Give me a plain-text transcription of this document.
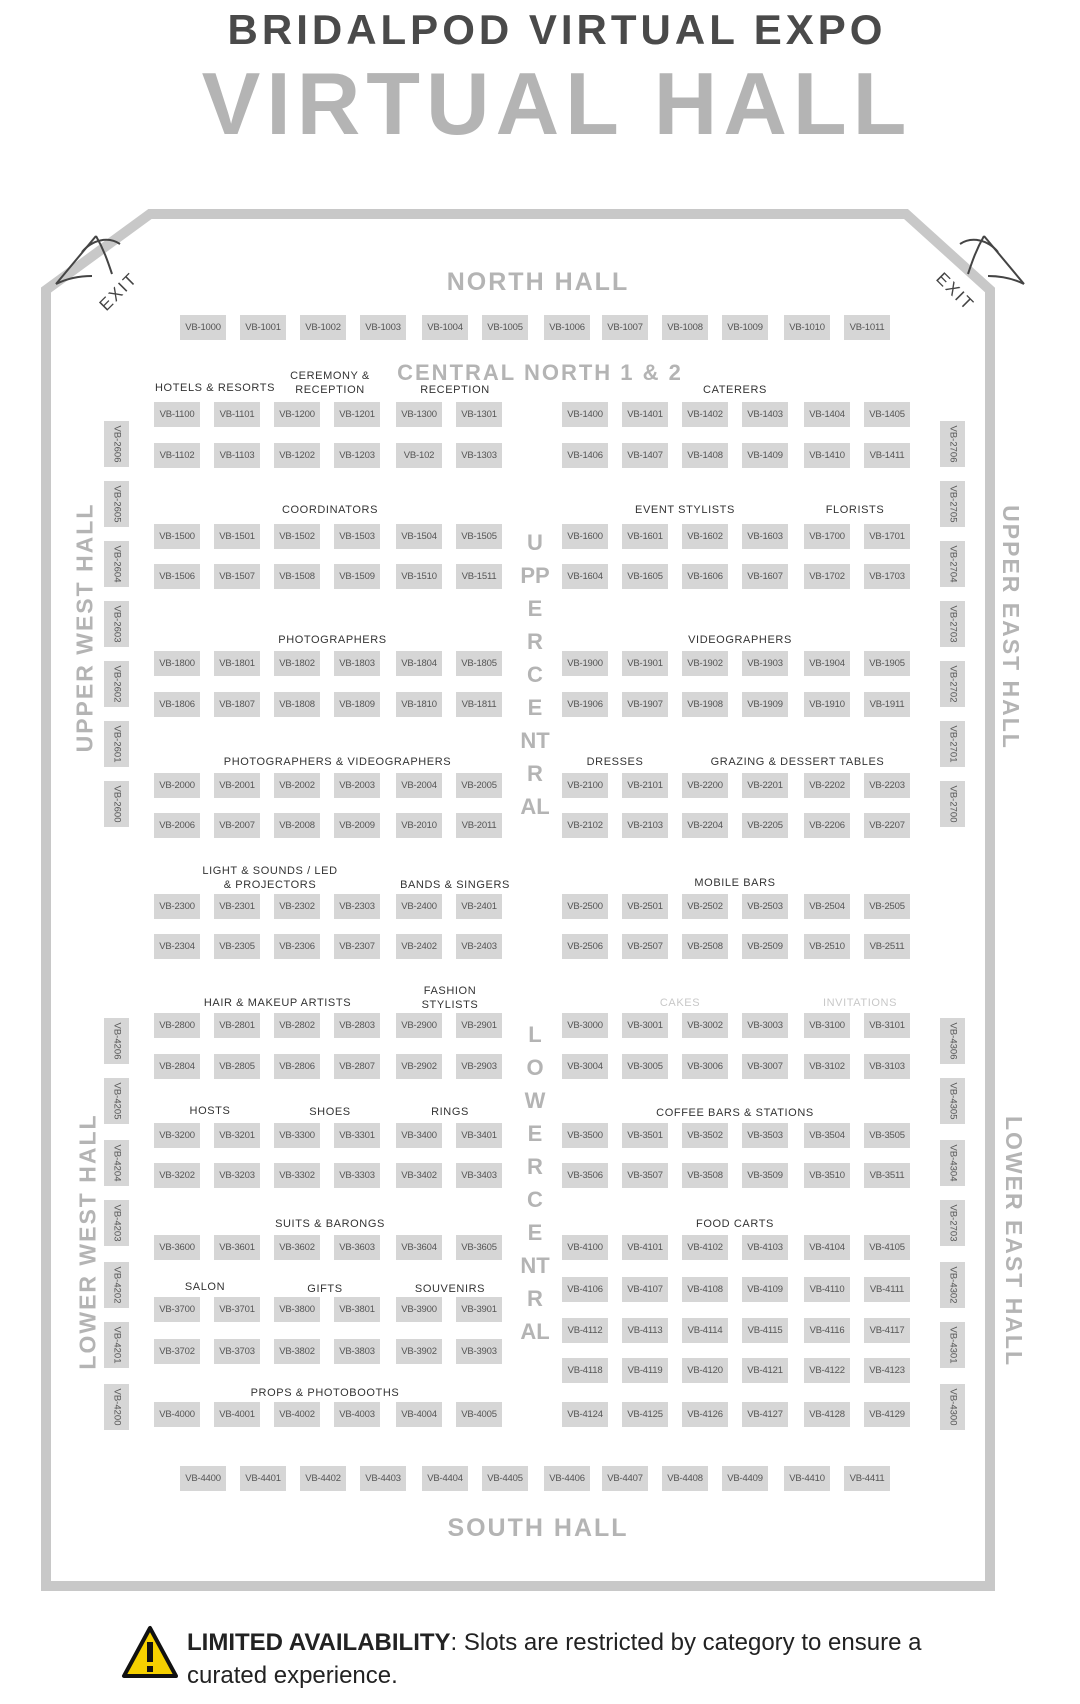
BRIDALPOD VIRTUAL EXPO
VIRTUAL HALL
EXIT	EXIT
NORTH HALL
SOUTH HALL
CENTRAL NORTH 1 & 2
UPPERCENTRAL
LOWERCENTRAL
UPPER WEST HALL
LOWER WEST HALL
UPPER EAST HALL
LOWER EAST HALL
HOTELS & RESORTS
CEREMONY &
RECEPTION	RECEPTION	CATERERS
COORDINATORS	EVENT STYLISTS	FLORISTS
PHOTOGRAPHERS	VIDEOGRAPHERS
PHOTOGRAPHERS & VIDEOGRAPHERS	DRESSES	GRAZING & DESSERT TABLES
LIGHT & SOUNDS / LED
& PROJECTORS	BANDS & SINGERS	MOBILE BARS
HAIR & MAKEUP ARTISTS
FASHION
STYLISTS	CAKES	INVITATIONS
HOSTS	SHOES	RINGS	COFFEE BARS & STATIONS
SUITS & BARONGS	FOOD CARTS
SALON	GIFTS	SOUVENIRS
PROPS & PHOTOBOOTHS
VB-1000	VB-1001	VB-1002	VB-1003	VB-1004	VB-1005	VB-1006	VB-1007	VB-1008	VB-1009	VB-1010	VB-1011
VB-1100	VB-1101	VB-1200	VB-1201	VB-1300	VB-1301	VB-1400	VB-1401	VB-1402	VB-1403	VB-1404	VB-1405
VB-1102	VB-1103	VB-1202	VB-1203	VB-102	VB-1303	VB-1406	VB-1407	VB-1408	VB-1409	VB-1410	VB-1411
VB-1500	VB-1501	VB-1502	VB-1503	VB-1504	VB-1505	VB-1600	VB-1601	VB-1602	VB-1603	VB-1700	VB-1701
VB-1506	VB-1507	VB-1508	VB-1509	VB-1510	VB-1511	VB-1604	VB-1605	VB-1606	VB-1607	VB-1702	VB-1703
VB-1800	VB-1801	VB-1802	VB-1803	VB-1804	VB-1805	VB-1900	VB-1901	VB-1902	VB-1903	VB-1904	VB-1905
VB-1806	VB-1807	VB-1808	VB-1809	VB-1810	VB-1811	VB-1906	VB-1907	VB-1908	VB-1909	VB-1910	VB-1911
VB-2000	VB-2001	VB-2002	VB-2003	VB-2004	VB-2005	VB-2100	VB-2101	VB-2200	VB-2201	VB-2202	VB-2203
VB-2006	VB-2007	VB-2008	VB-2009	VB-2010	VB-2011	VB-2102	VB-2103	VB-2204	VB-2205	VB-2206	VB-2207
VB-2300	VB-2301	VB-2302	VB-2303	VB-2400	VB-2401	VB-2500	VB-2501	VB-2502	VB-2503	VB-2504	VB-2505
VB-2304	VB-2305	VB-2306	VB-2307	VB-2402	VB-2403	VB-2506	VB-2507	VB-2508	VB-2509	VB-2510	VB-2511
VB-2800	VB-2801	VB-2802	VB-2803	VB-2900	VB-2901	VB-3000	VB-3001	VB-3002	VB-3003	VB-3100	VB-3101
VB-2804	VB-2805	VB-2806	VB-2807	VB-2902	VB-2903	VB-3004	VB-3005	VB-3006	VB-3007	VB-3102	VB-3103
VB-3200	VB-3201	VB-3300	VB-3301	VB-3400	VB-3401	VB-3500	VB-3501	VB-3502	VB-3503	VB-3504	VB-3505
VB-3202	VB-3203	VB-3302	VB-3303	VB-3402	VB-3403	VB-3506	VB-3507	VB-3508	VB-3509	VB-3510	VB-3511
VB-3600	VB-3601	VB-3602	VB-3603	VB-3604	VB-3605	VB-4100	VB-4101	VB-4102	VB-4103	VB-4104	VB-4105
VB-4106	VB-4107	VB-4108	VB-4109	VB-4110	VB-4111
VB-3700	VB-3701	VB-3800	VB-3801	VB-3900	VB-3901
VB-4112	VB-4113	VB-4114	VB-4115	VB-4116	VB-4117
VB-3702	VB-3703	VB-3802	VB-3803	VB-3902	VB-3903
VB-4118	VB-4119	VB-4120	VB-4121	VB-4122	VB-4123
VB-4000	VB-4001	VB-4002	VB-4003	VB-4004	VB-4005	VB-4124	VB-4125	VB-4126	VB-4127	VB-4128	VB-4129
VB-4400	VB-4401	VB-4402	VB-4403	VB-4404	VB-4405	VB-4406	VB-4407	VB-4408	VB-4409	VB-4410	VB-4411
VB-2606
VB-2605
VB-2604
VB-2603
VB-2602
VB-2601
VB-2600
VB-2706
VB-2705
VB-2704
VB-2703
VB-2702
VB-2701
VB-2700
VB-4206
VB-4205
VB-4204
VB-4203
VB-4202
VB-4201
VB-4200
VB-4306
VB-4305
VB-4304
VB-2703
VB-4302
VB-4301
VB-4300
LIMITED AVAILABILITY: Slots are restricted by category to ensure a curated experience.
